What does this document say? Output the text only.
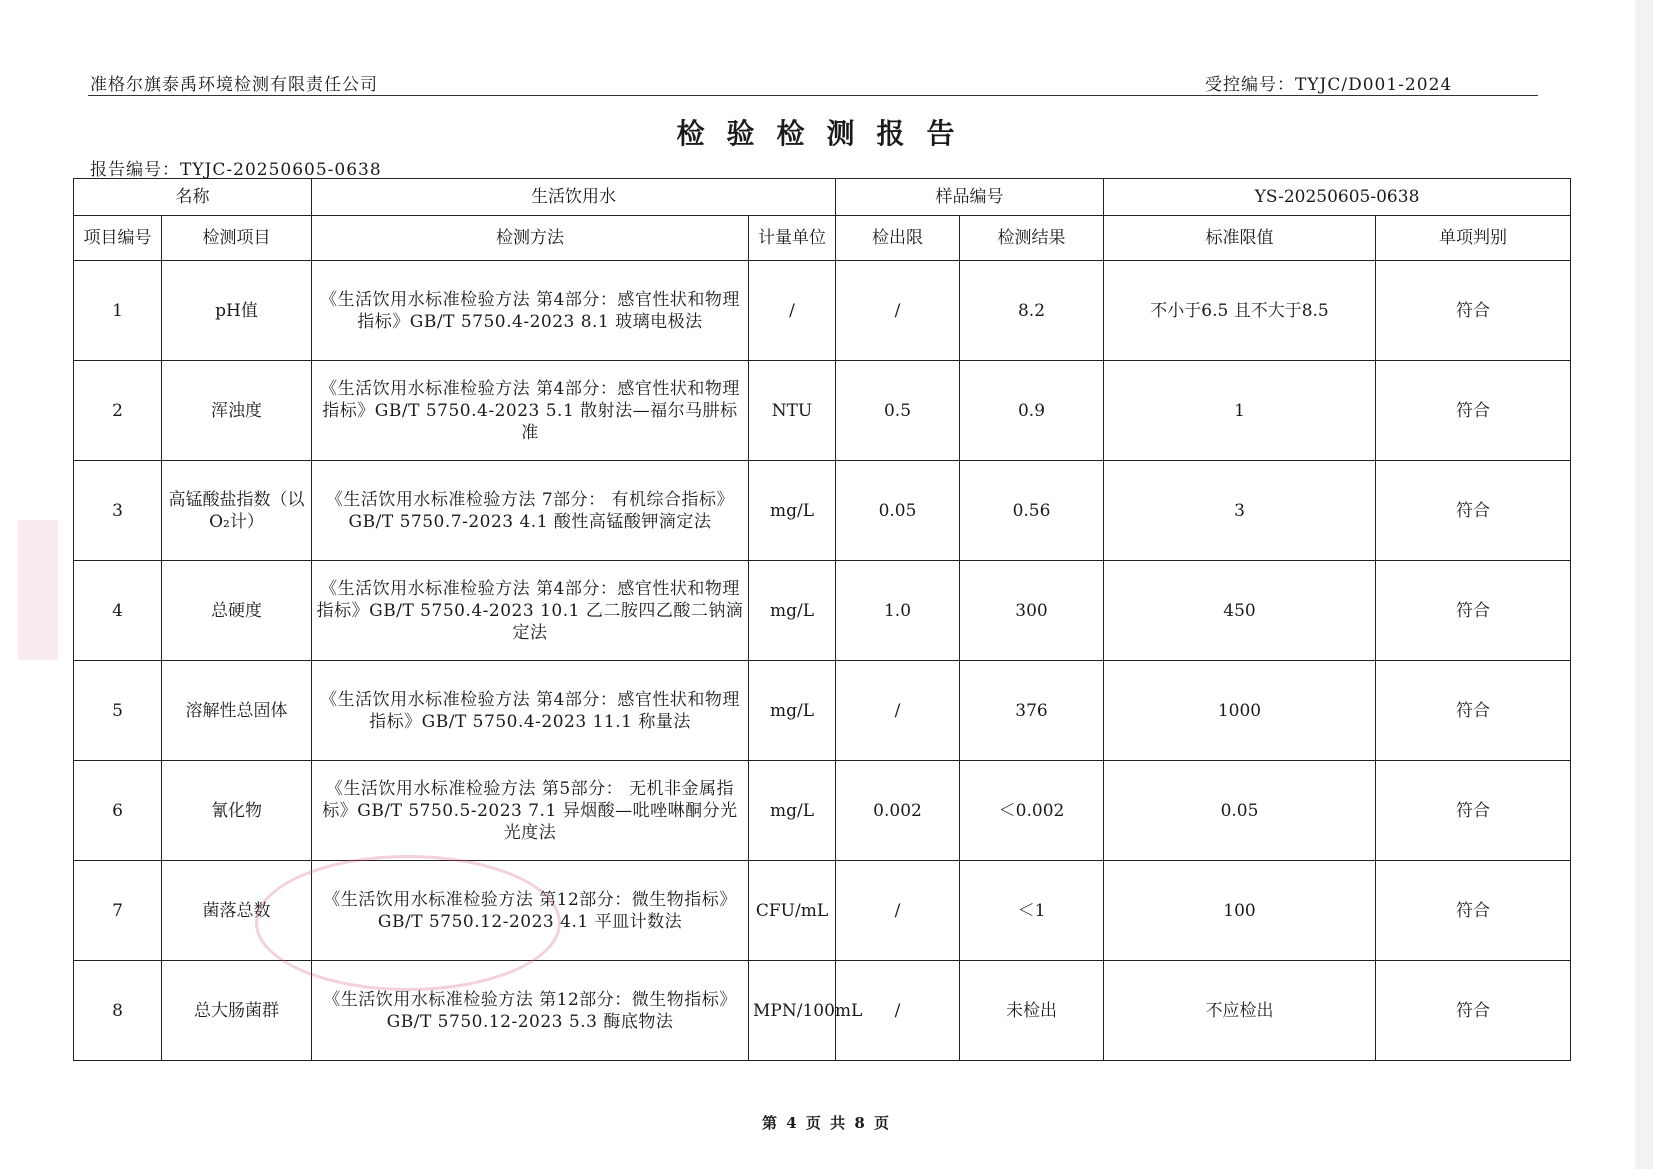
准格尔旗泰禹环境检测有限责任公司	受控编号：TYJC/D001-2024
检验检测报告
报告编号：TYJC-20250605-0638
名称		生活饮用水		样品编号		YS-20250605-0638	
项目编号	检测项目	检测方法	计量单位	检出限	检测结果	标准限值	单项判别
1	pH值	《生活饮用水标准检验方法 第4部分：感官性状和物理指标》GB/T 5750.4-2023 8.1 玻璃电极法	/	/	8.2	不小于6.5 且不大于8.5	符合
2	浑浊度	《生活饮用水标准检验方法 第4部分：感官性状和物理指标》GB/T 5750.4-2023 5.1 散射法—福尔马肼标准	NTU	0.5	0.9	1	符合
3	高锰酸盐指数（以O₂计）	《生活饮用水标准检验方法 7部分： 有机综合指标》GB/T 5750.7-2023 4.1 酸性高锰酸钾滴定法	mg/L	0.05	0.56	3	符合
4	总硬度	《生活饮用水标准检验方法 第4部分：感官性状和物理指标》GB/T 5750.4-2023 10.1 乙二胺四乙酸二钠滴定法	mg/L	1.0	300	450	符合
5	溶解性总固体	《生活饮用水标准检验方法 第4部分：感官性状和物理指标》GB/T 5750.4-2023 11.1 称量法	mg/L	/	376	1000	符合
6	氰化物	《生活饮用水标准检验方法 第5部分： 无机非金属指标》GB/T 5750.5-2023 7.1 异烟酸—吡唑啉酮分光光度法	mg/L	0.002	＜0.002	0.05	符合
7	菌落总数	《生活饮用水标准检验方法 第12部分：微生物指标》GB/T 5750.12-2023 4.1 平皿计数法	CFU/mL	/	＜1	100	符合
8	总大肠菌群	《生活饮用水标准检验方法 第12部分：微生物指标》GB/T 5750.12-2023 5.3 酶底物法	MPN/100mL	/	未检出	不应检出	符合
第 4 页 共 8 页
